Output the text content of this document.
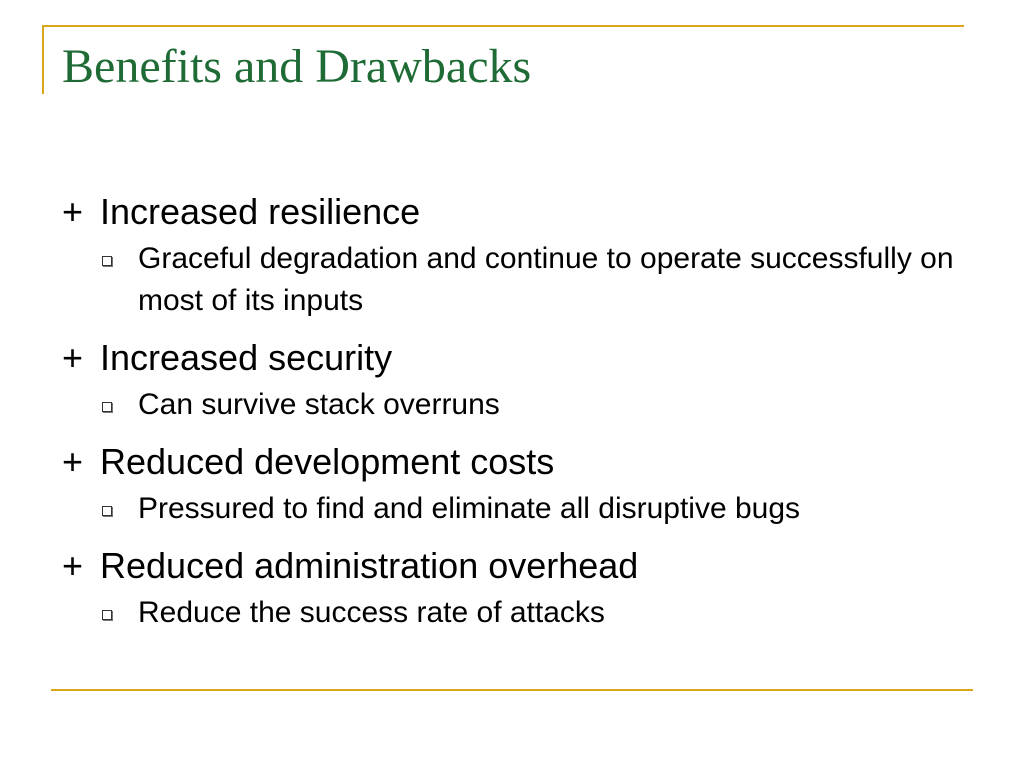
Benefits and Drawbacks
+ Increased resilience
Graceful degradation and continue to operate successfully on most of its inputs
+ Increased security
Can survive stack overruns
+ Reduced development costs
Pressured to find and eliminate all disruptive bugs
+ Reduced administration overhead
Reduce the success rate of attacks
